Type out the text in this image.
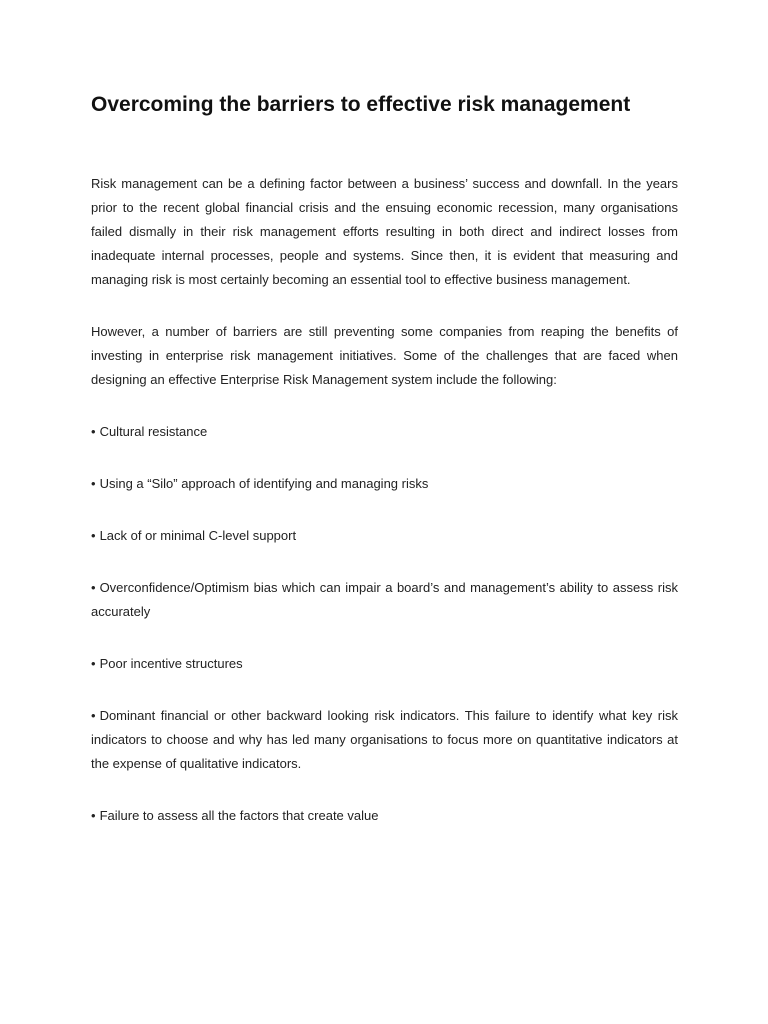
Overcoming the barriers to effective risk management

Risk management can be a defining factor between a business’ success and downfall. In the years prior to the recent global financial crisis and the ensuing economic recession, many organisations failed dismally in their risk management efforts resulting in both direct and indirect losses from inadequate internal processes, people and systems. Since then, it is evident that measuring and managing risk is most certainly becoming an essential tool to effective business management.

However, a number of barriers are still preventing some companies from reaping the benefits of investing in enterprise risk management initiatives. Some of the challenges that are faced when designing an effective Enterprise Risk Management system include the following:

• Cultural resistance
• Using a “Silo” approach of identifying and managing risks
• Lack of or minimal C-level support
• Overconfidence/Optimism bias which can impair a board’s and management’s ability to assess risk accurately
• Poor incentive structures
• Dominant financial or other backward looking risk indicators. This failure to identify what key risk indicators to choose and why has led many organisations to focus more on quantitative indicators at the expense of qualitative indicators.
• Failure to assess all the factors that create value
